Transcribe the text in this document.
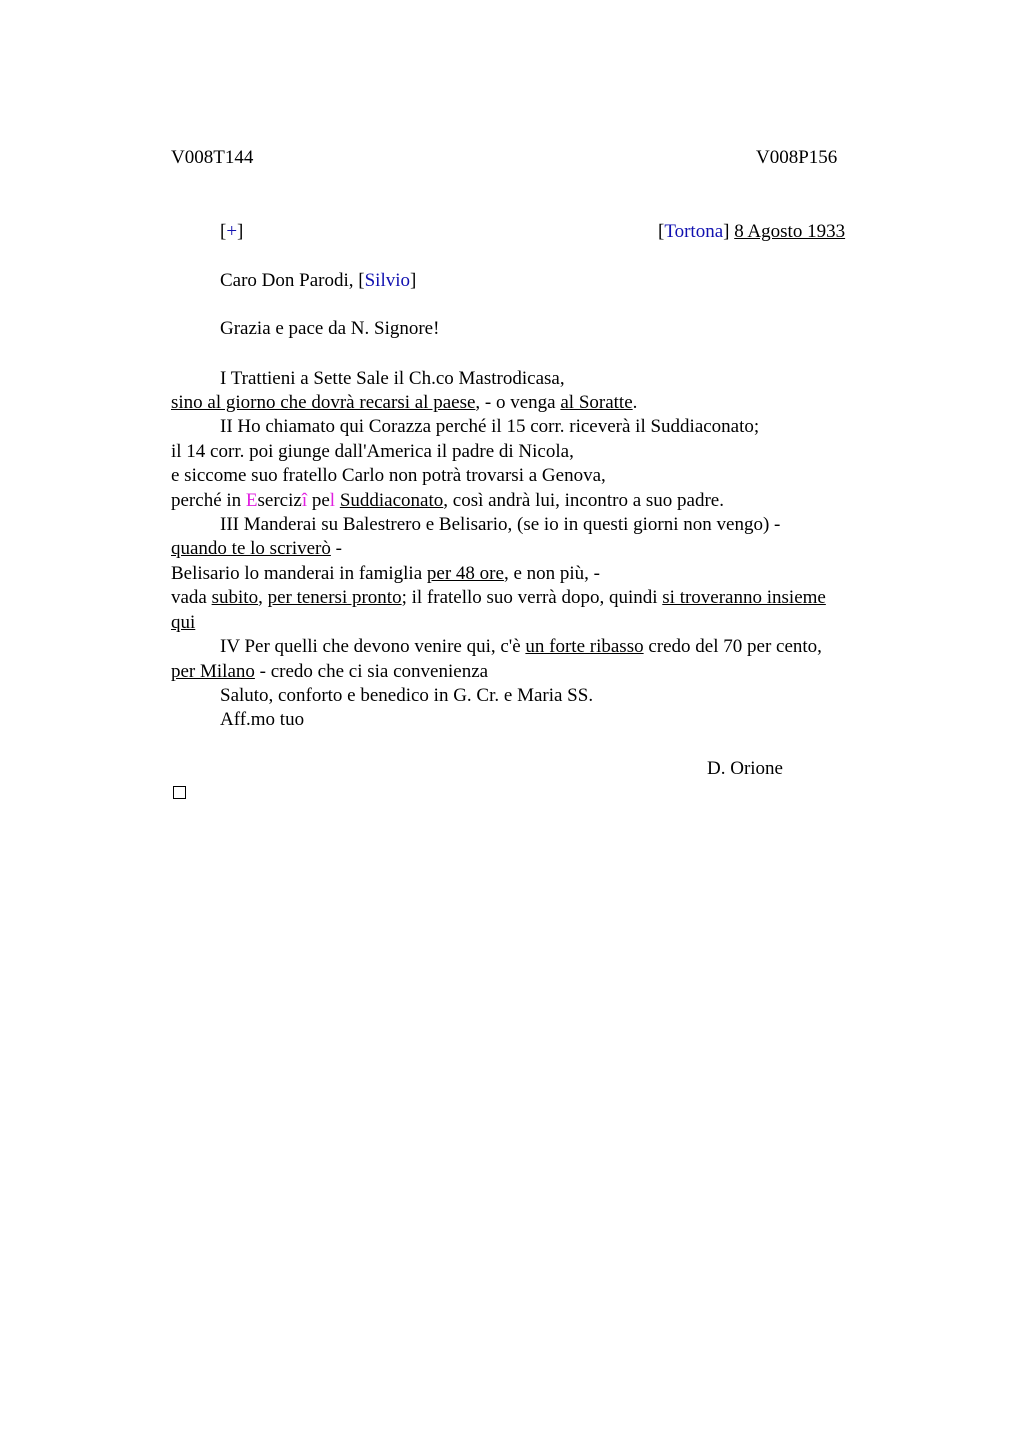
V008T144	V008P156
[+]	[Tortona] 8 Agosto 1933
Caro Don Parodi, [Silvio]
Grazia e pace da N. Signore!
I Trattieni a Sette Sale il Ch.co Mastrodicasa,
sino al giorno che dovrà recarsi al paese, - o venga al Soratte.
II Ho chiamato qui Corazza perché il 15 corr. riceverà il Suddiaconato;
il 14 corr. poi giunge dall'America il padre di Nicola,
e siccome suo fratello Carlo non potrà trovarsi a Genova,
perché in Esercizî pel Suddiaconato, così andrà lui, incontro a suo padre.
III Manderai su Balestrero e Belisario, (se io in questi giorni non vengo) -
quando te lo scriverò -
Belisario lo manderai in famiglia per 48 ore, e non più, -
vada subito, per tenersi pronto; il fratello suo verrà dopo, quindi si troveranno insieme
qui
IV Per quelli che devono venire qui, c'è un forte ribasso credo del 70 per cento,
per Milano - credo che ci sia convenienza
Saluto, conforto e benedico in G. Cr. e Maria SS.
Aff.mo tuo
D. Orione
